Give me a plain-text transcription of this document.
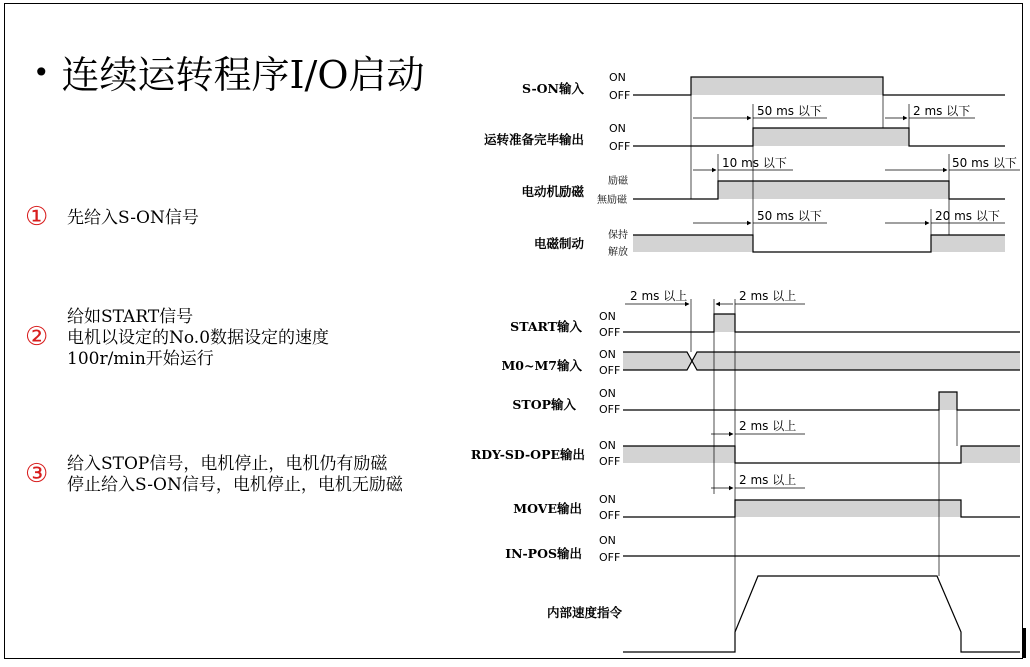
• 连续运转程序I/O启动
① 先给入S-ON信号
②
给如START信号
电机以设定的No.0数据设定的速度
100r/min开始运行
③ 给入STOP信号，电机停止，电机仍有励磁
停止给入S-ON信号，电机停止，电机无励磁
S-ON输入
ON
OFF
运转准备完毕输出
ON
OFF
电动机励磁
励磁
無励磁
电磁制动
保持
解放
50 ms 以下	2 ms 以下
10 ms 以下	50 ms 以下
50 ms 以下	20 ms 以下
START输入
ON
OFF
M0~M7输入
ON
OFF
STOP输入
ON
OFF
RDY-SD-OPE输出
ON
OFF
MOVE输出
ON
OFF
IN-POS输出
ON
OFF
内部速度指令
2 ms 以上	2 ms 以上
2 ms 以上
2 ms 以上
